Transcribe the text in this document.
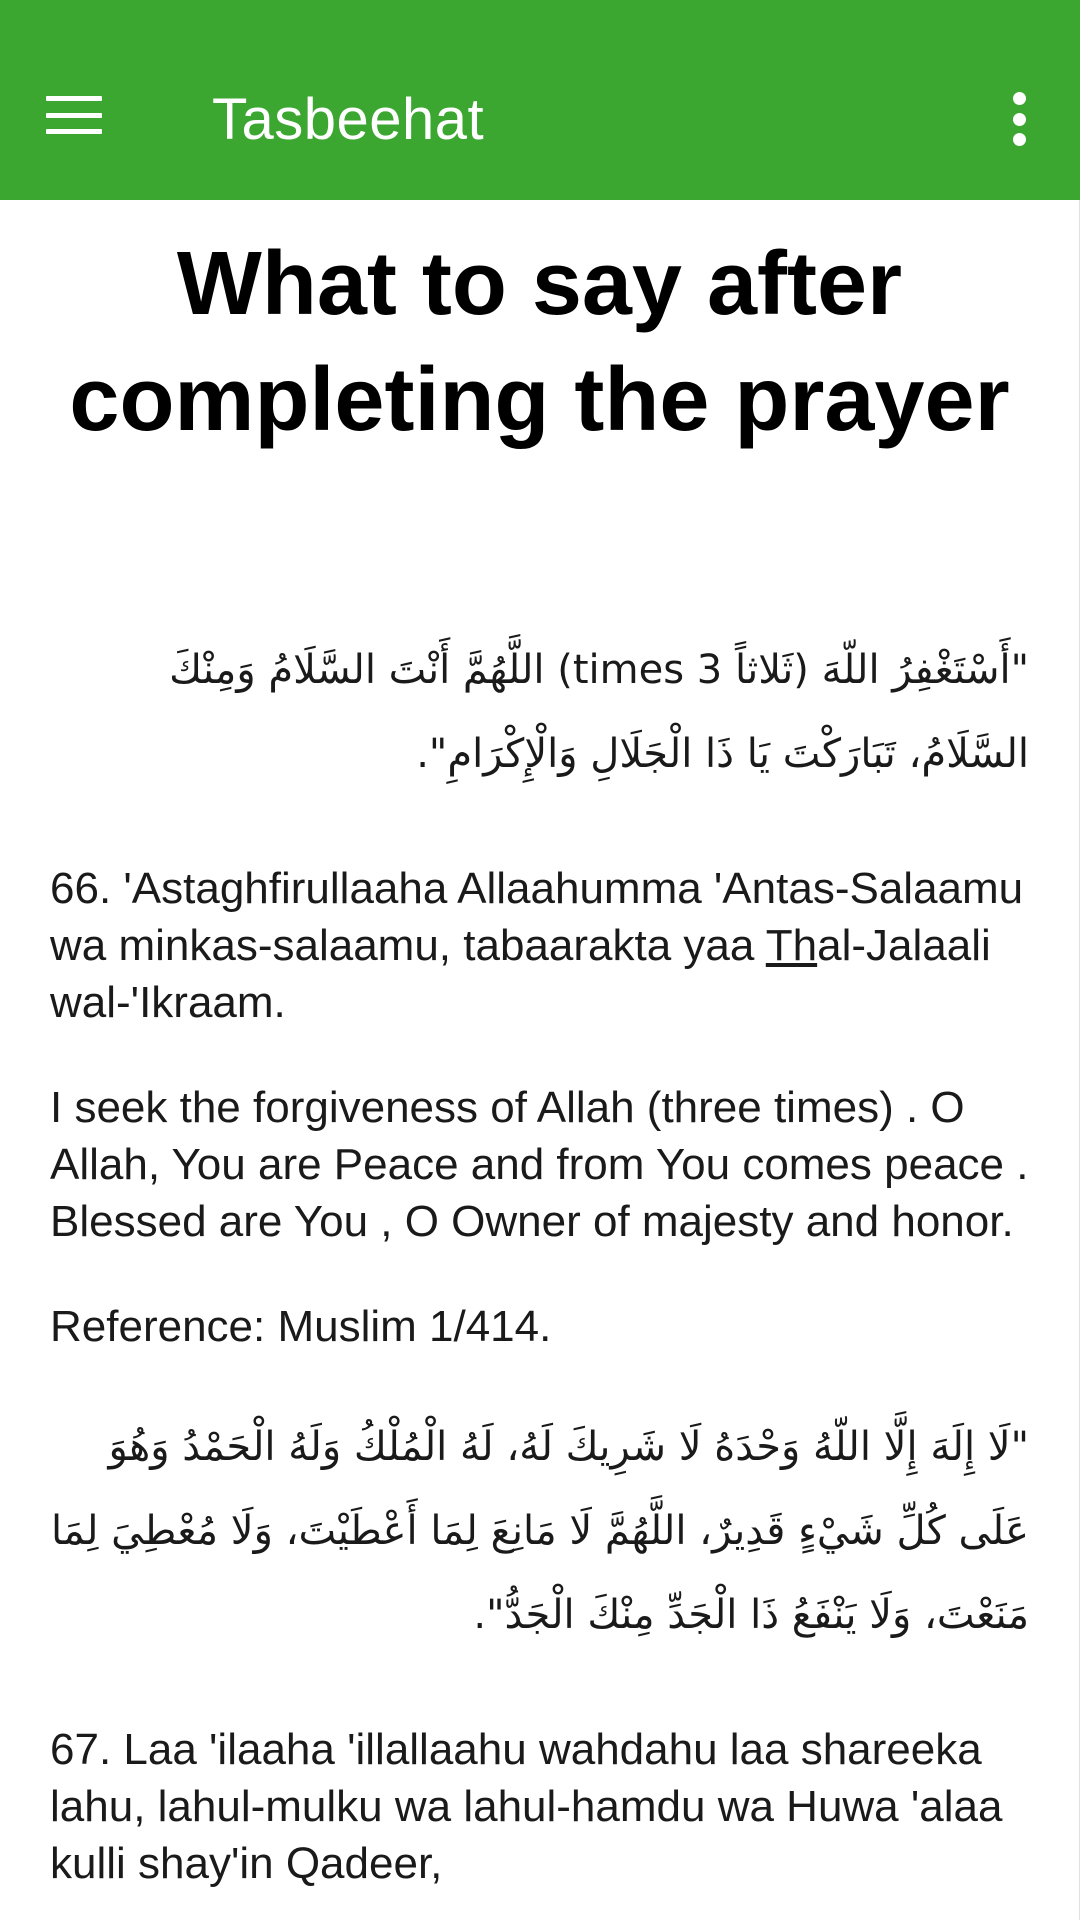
Tasbeehat
What to say after completing the prayer

"أَسْتَغْفِرُ اللّهَ (ثَلاثاً 3 times) اللَّهُمَّ أَنْتَ السَّلَامُ وَمِنْكَ السَّلَامُ، تَبَارَكْتَ يَا ذَا الْجَلَالِ وَالْإِكْرَامِ".

66. 'Astaghfirullaaha Allaahumma 'Antas-Salaamu wa minkas-salaamu, tabaarakta yaa Thal-Jalaali wal-'Ikraam.

I seek the forgiveness of Allah (three times) . O Allah, You are Peace and from You comes peace . Blessed are You , O Owner of majesty and honor.

Reference: Muslim 1/414.

"لَا إِلَهَ إِلَّا اللّهُ وَحْدَهُ لَا شَرِيكَ لَهُ، لَهُ الْمُلْكُ وَلَهُ الْحَمْدُ وَهُوَ عَلَى كُلِّ شَيْءٍ قَدِيرٌ، اللَّهُمَّ لَا مَانِعَ لِمَا أَعْطَيْتَ، وَلَا مُعْطِيَ لِمَا مَنَعْتَ، وَلَا يَنْفَعُ ذَا الْجَدِّ مِنْكَ الْجَدُّ".

67. Laa 'ilaaha 'illallaahu wahdahu laa shareeka lahu, lahul-mulku wa lahul-hamdu wa Huwa 'alaa kulli shay'in Qadeer,
